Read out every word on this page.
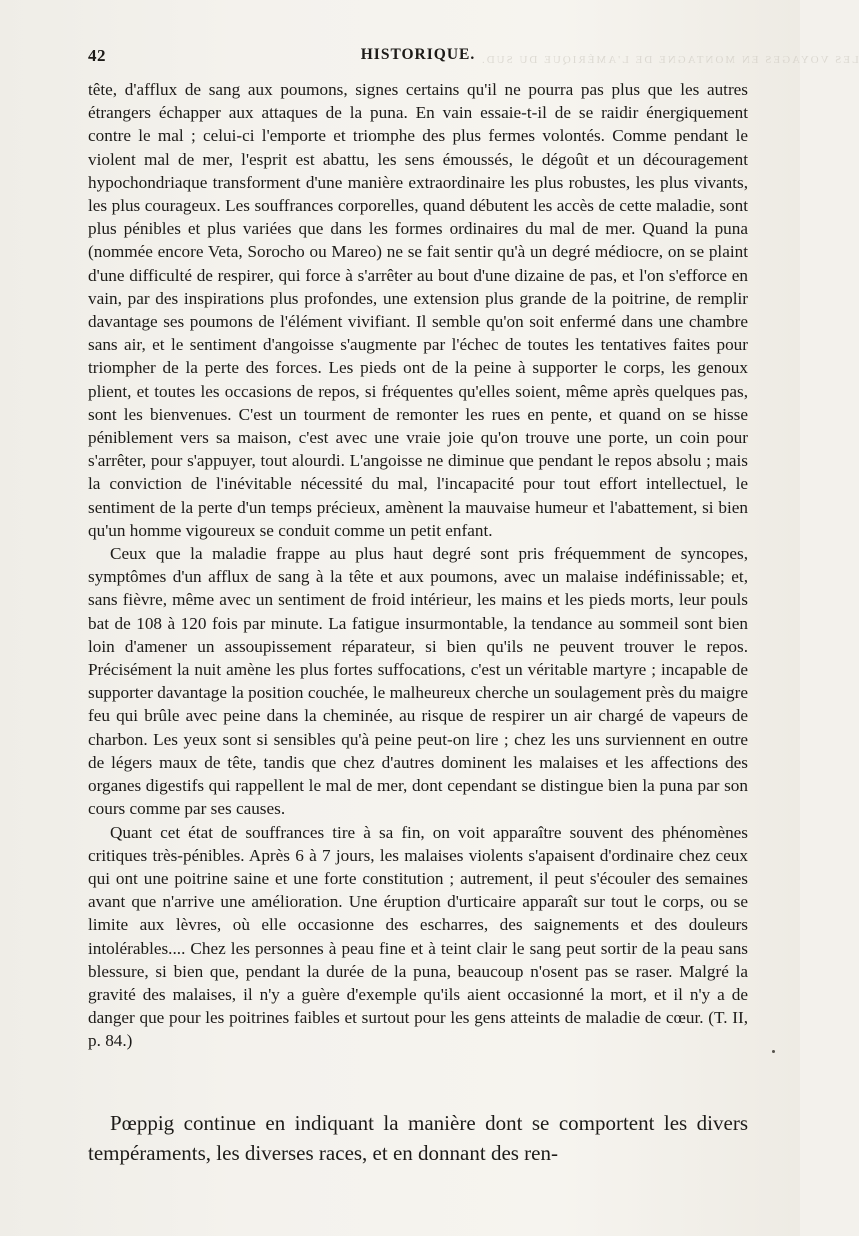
LES VOYAGES EN MONTAGNE DE L'AMÉRIQUE DU SUD.
42	HISTORIQUE.

tête, d'afflux de sang aux poumons, signes certains qu'il ne pourra pas plus que les autres étrangers échapper aux attaques de la puna. En vain essaie-t-il de se raidir énergiquement contre le mal ; celui-ci l'emporte et triomphe des plus fermes volontés. Comme pendant le violent mal de mer, l'esprit est abattu, les sens émoussés, le dégoût et un découragement hypochondriaque transforment d'une manière extraordinaire les plus robustes, les plus vivants, les plus courageux. Les souffrances corporelles, quand débutent les accès de cette maladie, sont plus pénibles et plus variées que dans les formes ordinaires du mal de mer. Quand la puna (nommée encore Veta, Sorocho ou Mareo) ne se fait sentir qu'à un degré médiocre, on se plaint d'une difficulté de respirer, qui force à s'arrêter au bout d'une dizaine de pas, et l'on s'efforce en vain, par des inspirations plus profondes, une extension plus grande de la poitrine, de remplir davantage ses poumons de l'élément vivifiant. Il semble qu'on soit enfermé dans une chambre sans air, et le sentiment d'angoisse s'augmente par l'échec de toutes les tentatives faites pour triompher de la perte des forces. Les pieds ont de la peine à supporter le corps, les genoux plient, et toutes les occasions de repos, si fréquentes qu'elles soient, même après quelques pas, sont les bienvenues. C'est un tourment de remonter les rues en pente, et quand on se hisse péniblement vers sa maison, c'est avec une vraie joie qu'on trouve une porte, un coin pour s'arrêter, pour s'appuyer, tout alourdi. L'angoisse ne diminue que pendant le repos absolu ; mais la conviction de l'inévitable nécessité du mal, l'incapacité pour tout effort intellectuel, le sentiment de la perte d'un temps précieux, amènent la mauvaise humeur et l'abattement, si bien qu'un homme vigoureux se conduit comme un petit enfant.

Ceux que la maladie frappe au plus haut degré sont pris fréquemment de syncopes, symptômes d'un afflux de sang à la tête et aux poumons, avec un malaise indéfinissable; et, sans fièvre, même avec un sentiment de froid intérieur, les mains et les pieds morts, leur pouls bat de 108 à 120 fois par minute. La fatigue insurmontable, la tendance au sommeil sont bien loin d'amener un assoupissement réparateur, si bien qu'ils ne peuvent trouver le repos. Précisément la nuit amène les plus fortes suffocations, c'est un véritable martyre ; incapable de supporter davantage la position couchée, le malheureux cherche un soulagement près du maigre feu qui brûle avec peine dans la cheminée, au risque de respirer un air chargé de vapeurs de charbon. Les yeux sont si sensibles qu'à peine peut-on lire ; chez les uns surviennent en outre de légers maux de tête, tandis que chez d'autres dominent les malaises et les affections des organes digestifs qui rappellent le mal de mer, dont cependant se distingue bien la puna par son cours comme par ses causes.

Quant cet état de souffrances tire à sa fin, on voit apparaître souvent des phénomènes critiques très-pénibles. Après 6 à 7 jours, les malaises violents s'apaisent d'ordinaire chez ceux qui ont une poitrine saine et une forte constitution ; autrement, il peut s'écouler des semaines avant que n'arrive une amélioration. Une éruption d'urticaire apparaît sur tout le corps, ou se limite aux lèvres, où elle occasionne des escharres, des saignements et des douleurs intolérables.... Chez les personnes à peau fine et à teint clair le sang peut sortir de la peau sans blessure, si bien que, pendant la durée de la puna, beaucoup n'osent pas se raser. Malgré la gravité des malaises, il n'y a guère d'exemple qu'ils aient occasionné la mort, et il n'y a de danger que pour les poitrines faibles et surtout pour les gens atteints de maladie de cœur. (T. II, p. 84.)

Pœppig continue en indiquant la manière dont se comportent les divers tempéraments, les diverses races, et en donnant des ren-
